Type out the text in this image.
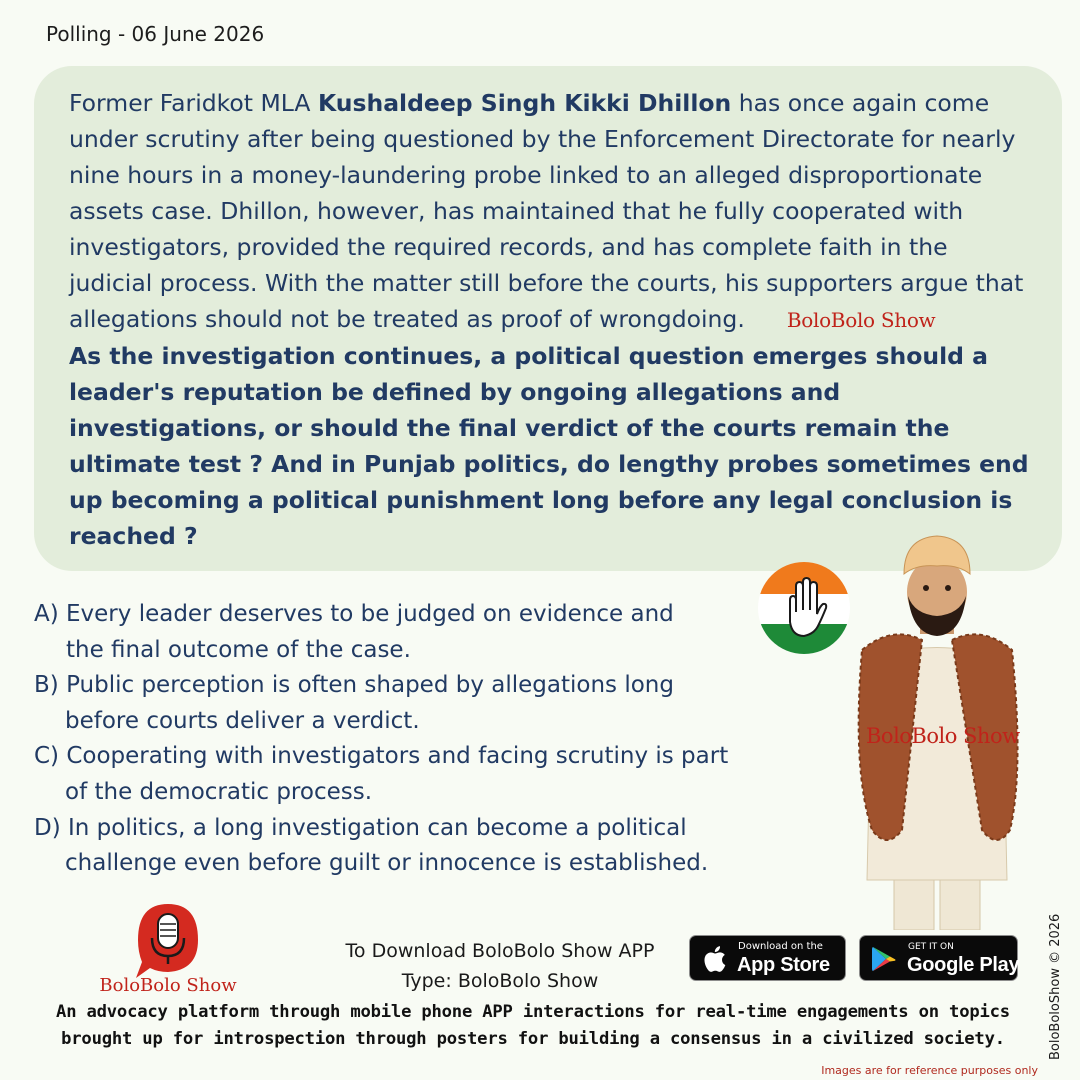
Polling - 06 June 2026

Former Faridkot MLA Kushaldeep Singh Kikki Dhillon has once again come under scrutiny after being questioned by the Enforcement Directorate for nearly nine hours in a money-laundering probe linked to an alleged disproportionate assets case. Dhillon, however, has maintained that he fully cooperated with investigators, provided the required records, and has complete faith in the judicial process. With the matter still before the courts, his supporters argue that allegations should not be treated as proof of wrongdoing. BoloBolo Show

As the investigation continues, a political question emerges should a leader's reputation be defined by ongoing allegations and investigations, or should the final verdict of the courts remain the ultimate test ? And in Punjab politics, do lengthy probes sometimes end up becoming a political punishment long before any legal conclusion is reached ?

A) Every leader deserves to be judged on evidence and
the final outcome of the case.

B) Public perception is often shaped by allegations long
before courts deliver a verdict.

C) Cooperating with investigators and facing scrutiny is part
of the democratic process.

D) In politics, a long investigation can become a political
challenge even before guilt or innocence is established.

BoloBolo Show
BoloBolo Show
To Download BoloBolo Show APP
Type: BoloBolo Show
Download on the
App Store
GET IT ON
Google Play
An advocacy platform through mobile phone APP interactions for real-time engagements on topics brought up for introspection through posters for building a consensus in a civilized society.	BoloBoloShow © 2026
Images are for reference purposes only
